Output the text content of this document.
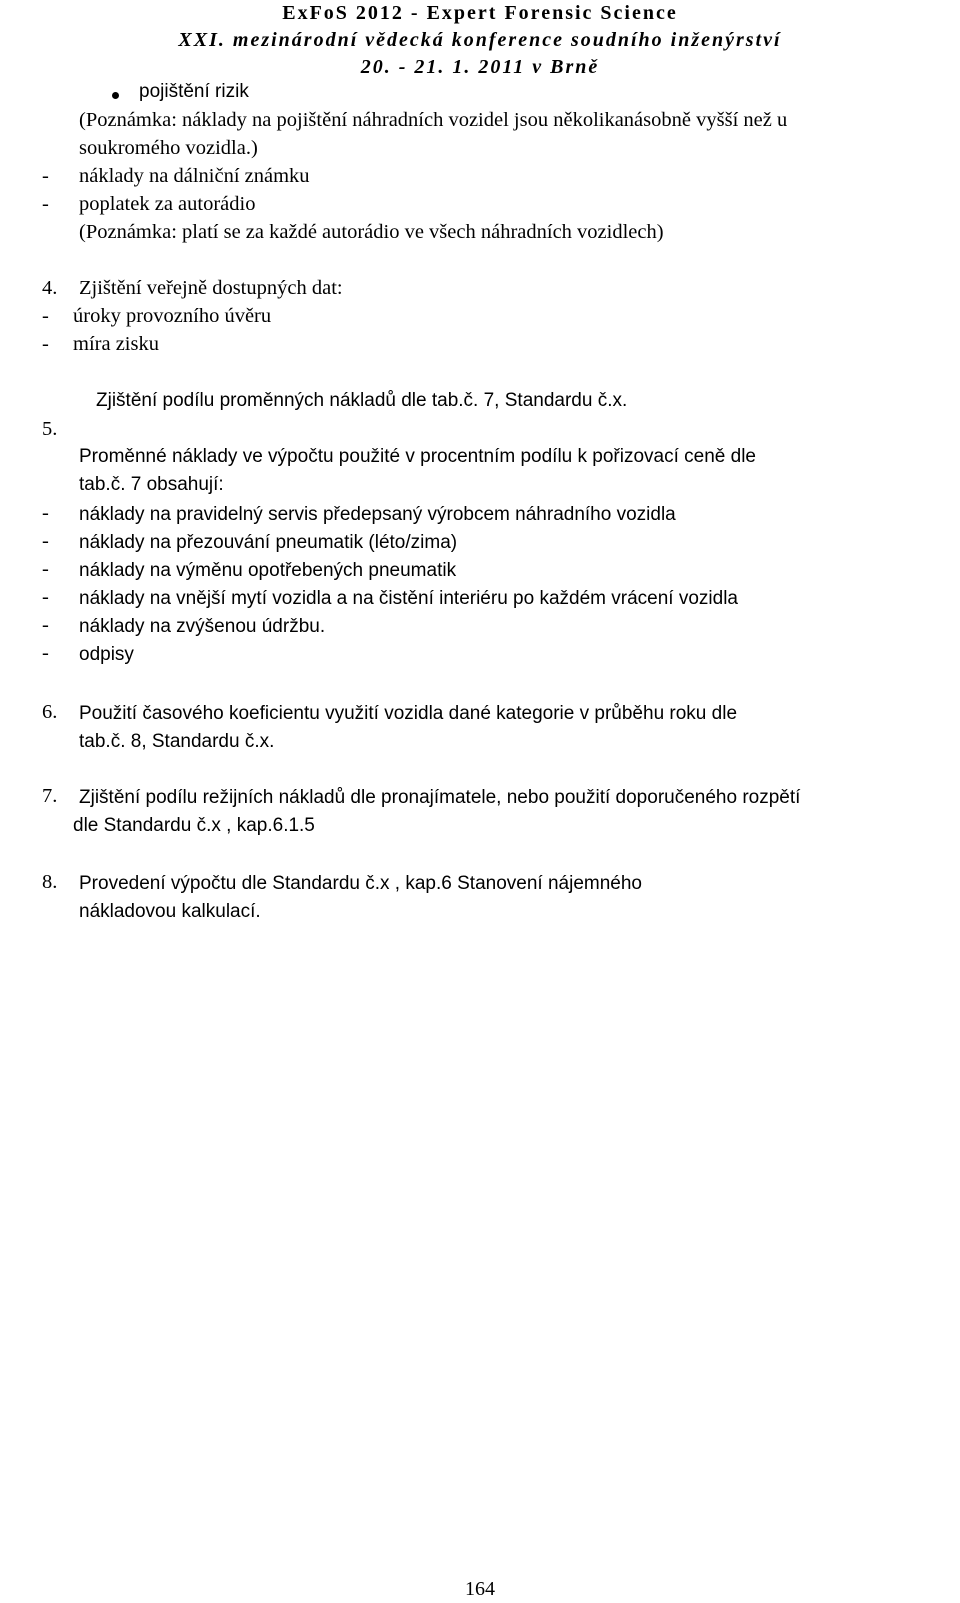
ExFoS 2012 - Expert Forensic Science
XXI. mezinárodní vědecká konference soudního inženýrství
20. - 21. 1. 2011 v Brně
pojištění rizik
(Poznámka: náklady na pojištění náhradních vozidel jsou několikanásobně vyšší než u
soukromého vozidla.)
- náklady na dálniční známku
- poplatek za autorádio
(Poznámka: platí se za každé autorádio ve všech náhradních vozidlech)
4. Zjištění veřejně dostupných dat:
- úroky provozního úvěru
- míra zisku
Zjištění podílu proměnných nákladů dle tab.č. 7, Standardu č.x.
5.
Proměnné náklady ve výpočtu použité v procentním podílu k pořizovací ceně dle
tab.č. 7 obsahují:
- náklady na pravidelný servis předepsaný výrobcem náhradního vozidla
- náklady na přezouvání pneumatik (léto/zima)
- náklady na výměnu opotřebených pneumatik
- náklady na vnější mytí vozidla a na čistění interiéru po každém vrácení vozidla
- náklady na zvýšenou údržbu.
- odpisy
6. Použití časového koeficientu využití vozidla dané kategorie v průběhu roku dle
tab.č. 8, Standardu č.x.
7. Zjištění podílu režijních nákladů dle pronajímatele, nebo použití doporučeného rozpětí
dle Standardu č.x , kap.6.1.5
8. Provedení výpočtu dle Standardu č.x , kap.6 Stanovení nájemného
nákladovou kalkulací.
164
